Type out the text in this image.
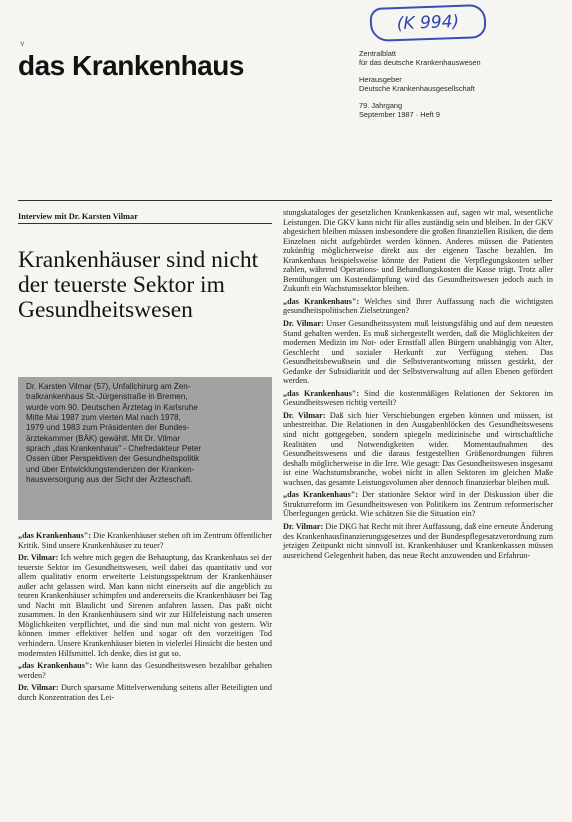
(K 994)
ᵞ
das Krankenhaus	Zentralblatt
für das deutsche Krankenhauswesen
Herausgeber
Deutsche Krankenhausgesellschaft
79. Jahrgang
September 1987 · Heft 9
Interview mit Dr. Karsten Vilmar
Krankenhäuser sind nicht der teuerste Sektor im Gesundheitswesen
Dr. Karsten Vilmar (57), Unfallchirurg am Zen-
tralkrankenhaus St.-Jürgenstraße in Bremen,
wurde vom 90. Deutschen Ärztetag in Karlsruhe
Mitte Mai 1987 zum vierten Mal nach 1978,
1979 und 1983 zum Präsidenten der Bundes-
ärztekammer (BÄK) gewählt. Mit Dr. Vilmar
sprach „das Krankenhaus" - Chefredakteur Peter
Ossen über Perspektiven der Gesundheitspolitik
und über Entwicklungstendenzen der Kranken-
hausversorgung aus der Sicht der Ärzteschaft.

„das Krankenhaus": Die Krankenhäuser stehen oft im Zentrum öffentlicher Kritik. Sind unsere Krankenhäuser zu teuer?

Dr. Vilmar: Ich wehre mich gegen die Behauptung, das Krankenhaus sei der teuerste Sektor im Gesundheitswesen, weil dabei das quantitativ und vor allem qualitativ enorm erweiterte Leistungsspektrum der Krankenhäuser außer acht gelassen wird. Man kann nicht einerseits auf die angeblich zu teuren Krankenhäuser schimpfen und andererseits die Krankenhäuser bei Tag und Nacht mit Blaulicht und Sirenen anfahren lassen. Das paßt nicht zusammen. In den Krankenhäusern sind wir zur Hilfeleistung nach unseren Möglichkeiten verpflichtet, und die sind nun mal nicht von gestern. Wir können immer effektiver helfen und sogar oft den vorzeitigen Tod verhindern. Unsere Krankenhäuser bieten in vielerlei Hinsicht die besten und modernsten Hilfsmittel. Ich denke, dies ist gut so.

„das Krankenhaus": Wie kann das Gesundheitswesen bezahlbar gehalten werden?

Dr. Vilmar: Durch sparsame Mittelverwendung seitens aller Beteiligten und durch Konzentration des Lei-

stungskataloges der gesetzlichen Krankenkassen auf, sagen wir mal, wesentliche Leistungen. Die GKV kann nicht für alles zuständig sein und bleiben. In der GKV abgesichert bleiben müssen insbesondere die großen finanziellen Risiken, die dem Einzelnen nicht aufgebürdet werden können. Anderes müssen die Patienten zukünftig möglicherweise direkt aus der eigenen Tasche bezahlen. Im Krankenhaus beispielsweise könnte der Patient die Verpflegungskosten selber zahlen, während Operations- und Behandlungskosten die Kasse trägt. Trotz aller Bemühungen um Kostendämpfung wird das Gesundheitswesen jedoch auch in Zukunft ein Wachstumssektor bleiben.

„das Krankenhaus": Welches sind Ihrer Auffassung nach die wichtigsten gesundheitspolitischen Zielsetzungen?

Dr. Vilmar: Unser Gesundheitssystem muß leistungsfähig und auf dem neuesten Stand gehalten werden. Es muß sichergestellt werden, daß die Möglichkeiten der modernen Medizin im Not- oder Ernstfall allen Bürgern unabhängig von Alter, Geschlecht und sozialer Herkunft zur Verfügung stehen. Das Gesundheitsbewußtsein und die Selbstverantwortung müssen gestärkt, der Gedanke der Subsidiarität und der Selbstverwaltung auf allen Ebenen gefördert werden.

„das Krankenhaus": Sind die kostenmäßigen Relationen der Sektoren im Gesundheitswesen richtig verteilt?

Dr. Vilmar: Daß sich hier Verschiebungen ergeben können und müssen, ist unbestreitbar. Die Relationen in den Ausgabenblöcken des Gesundheitswesens sind nicht gottgegeben, sondern spiegeln medizinische und wirtschaftliche Realitäten und Notwendigkeiten wider. Momentaufnahmen des Gesundheitswesens und die daraus festgestellten Größenordnungen führen deshalb möglicherweise in die Irre. Wie gesagt: Das Gesundheitswesen insgesamt ist eine Wachstumsbranche, wobei nicht in allen Sektoren im gleichen Maße wachsen, das gesamte Leistungsvolumen aber dennoch finanzierbar bleiben muß.

„das Krankenhaus": Der stationäre Sektor wird in der Diskussion über die Strukturreform im Gesundheitswesen von Politikern ins Zentrum reformerischer Überlegungen gerückt. Wie schätzen Sie die Situation ein?

Dr. Vilmar: Die DKG hat Recht mit ihrer Auffassung, daß eine erneute Änderung des Krankenhausfinanzierungsgesetzes und der Bundespflegesatzverordnung zum jetzigen Zeitpunkt nicht sinnvoll ist. Krankenhäuser und Krankenkassen müssen ausreichend Gelegenheit haben, das neue Recht anzuwenden und Erfahrun-
